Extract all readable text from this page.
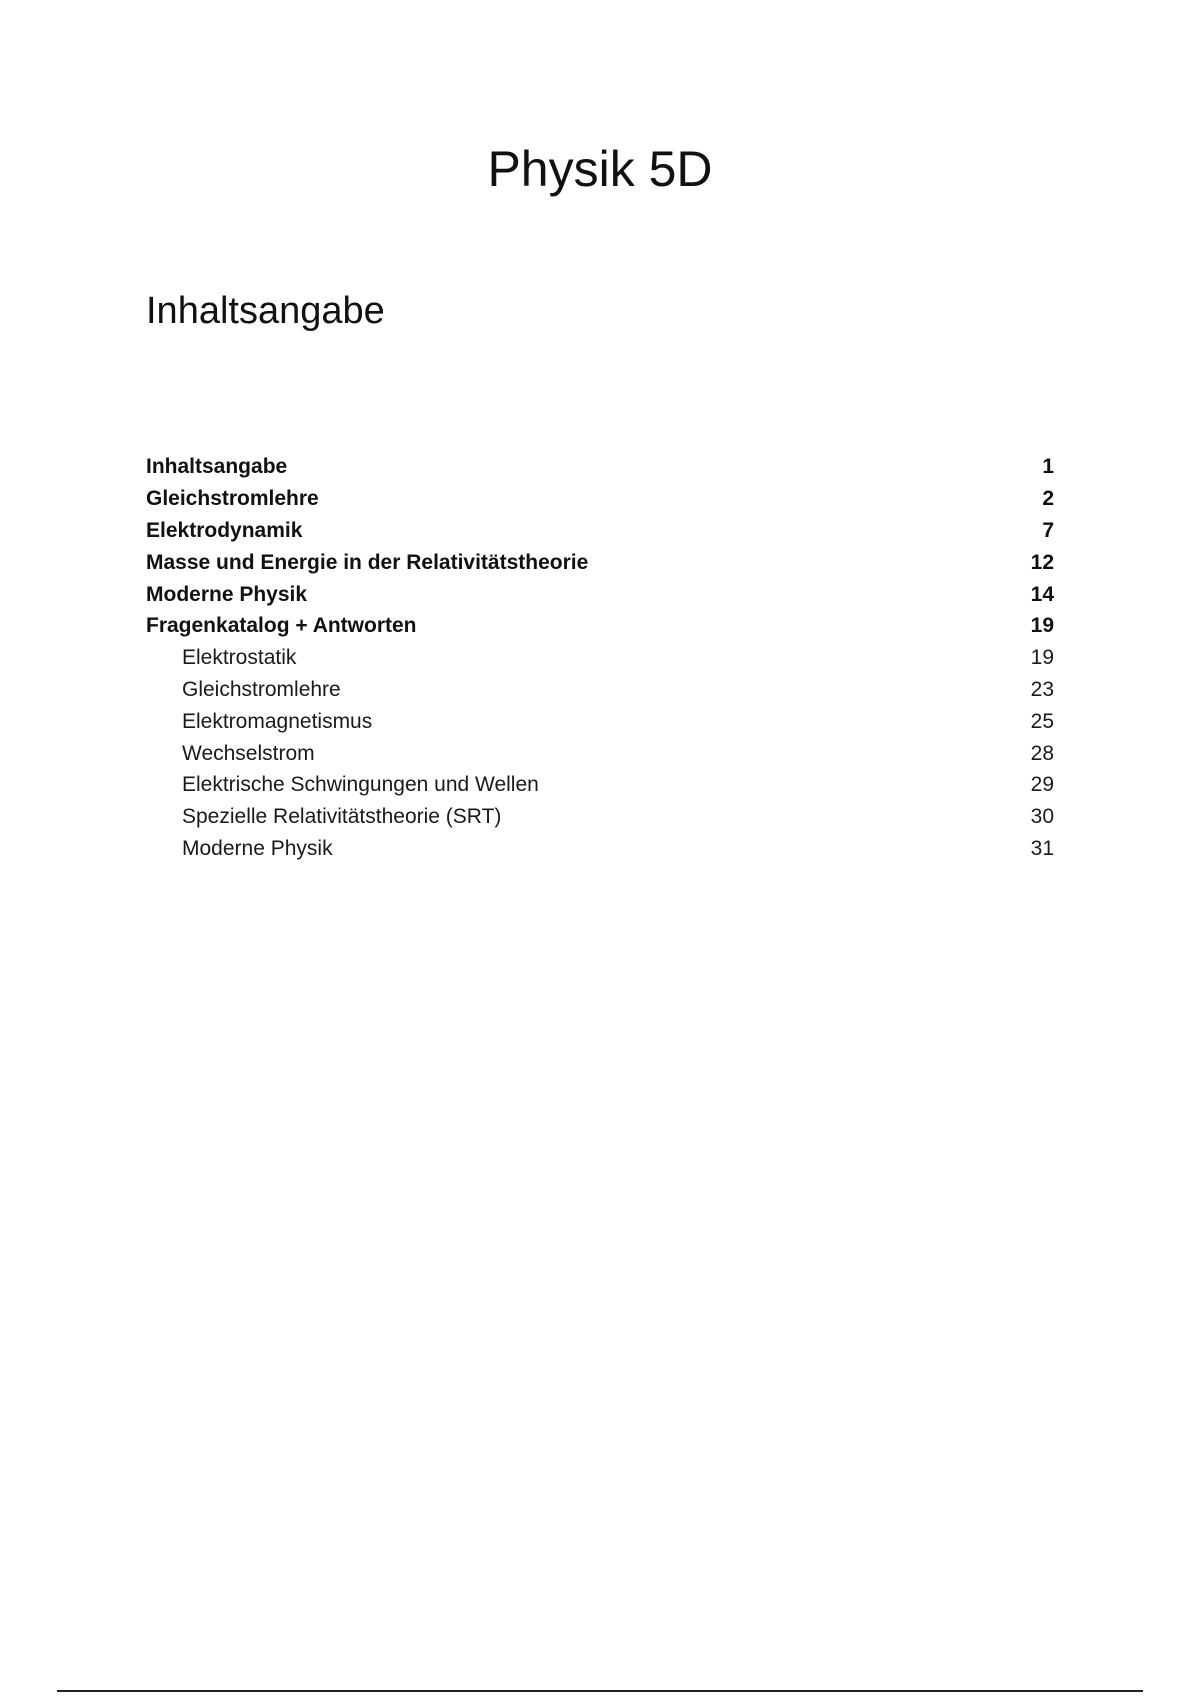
Physik 5D
Inhaltsangabe
Inhaltsangabe	1
Gleichstromlehre	2
Elektrodynamik	7
Masse und Energie in der Relativitätstheorie	12
Moderne Physik	14
Fragenkatalog + Antworten	19
Elektrostatik	19
Gleichstromlehre	23
Elektromagnetismus	25
Wechselstrom	28
Elektrische Schwingungen und Wellen	29
Spezielle Relativitätstheorie (SRT)	30
Moderne Physik	31
